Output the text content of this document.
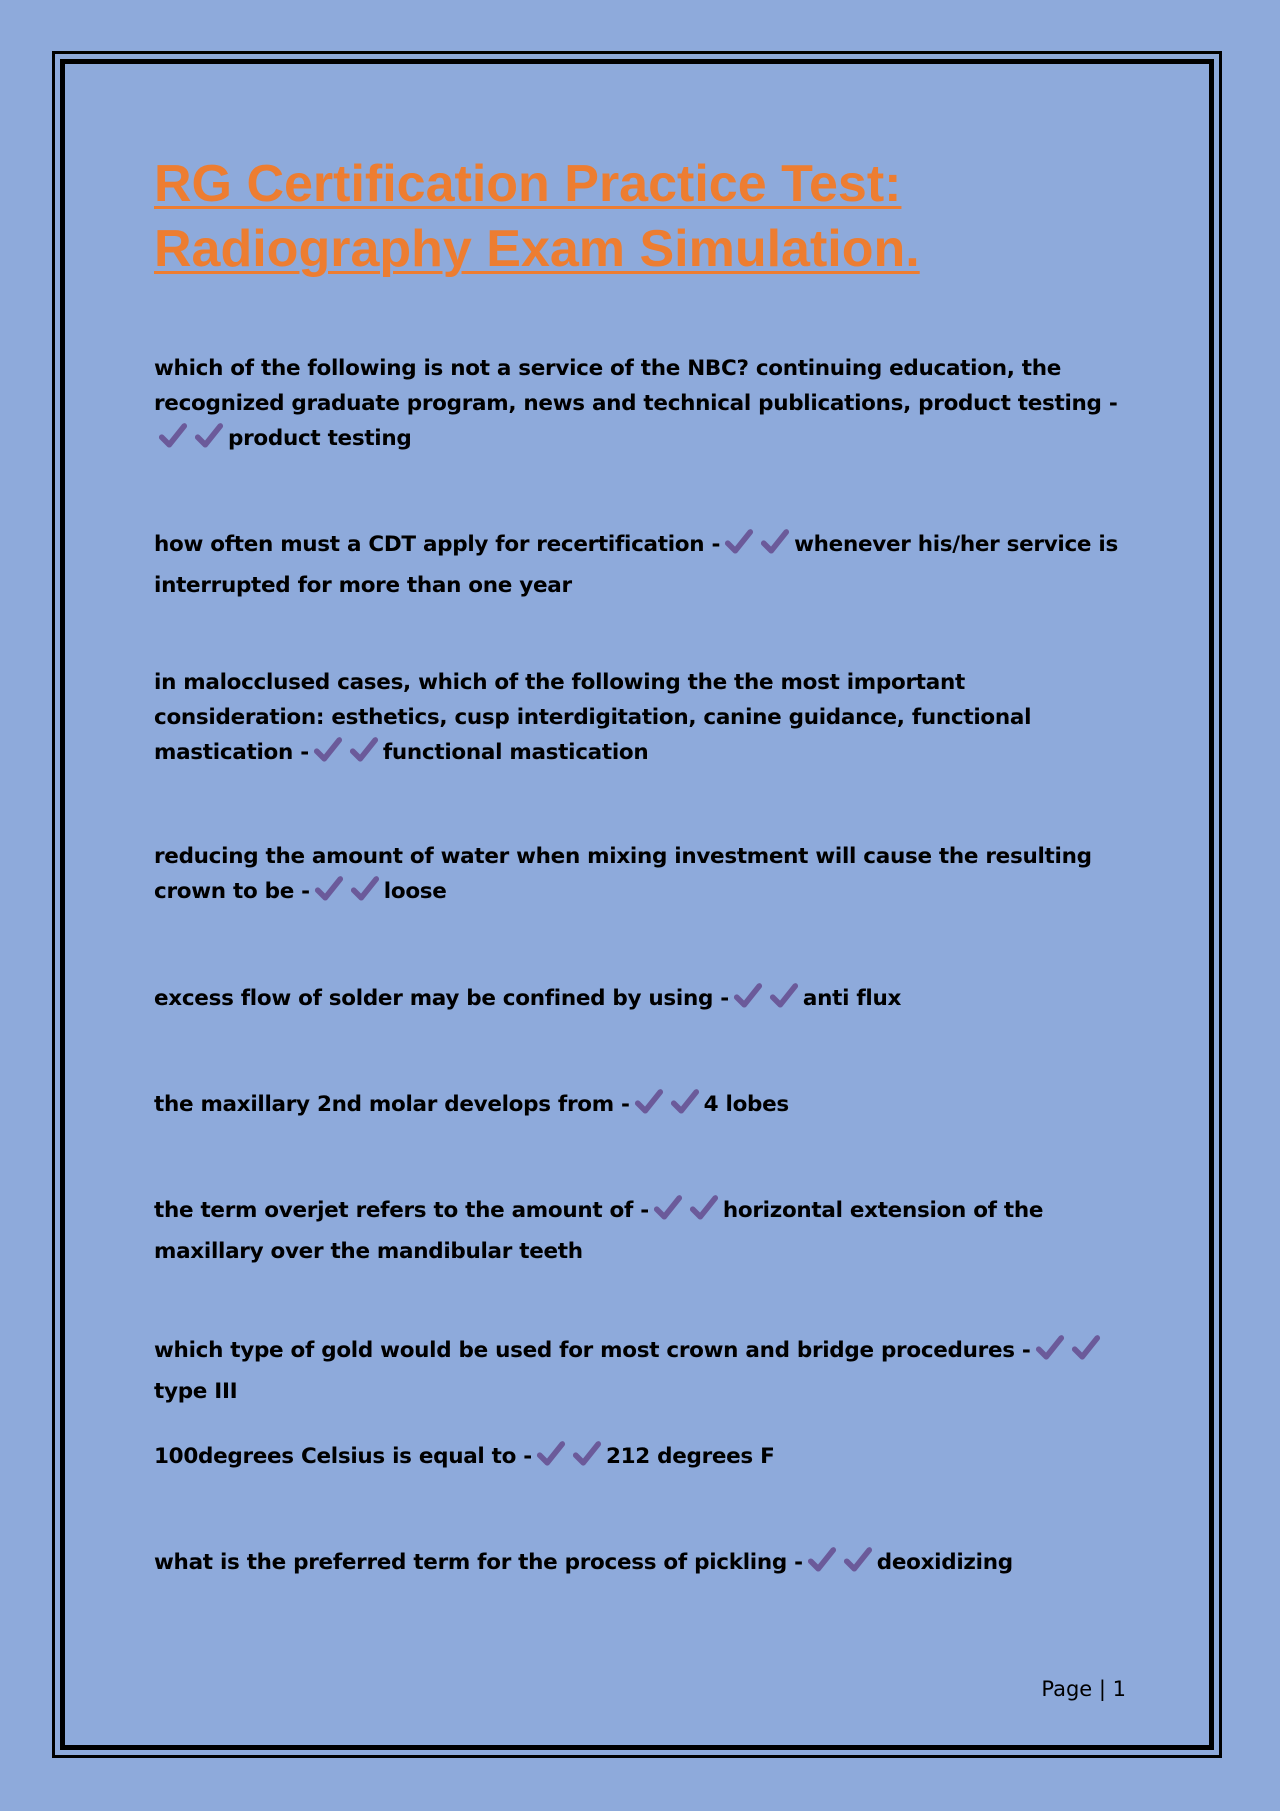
RG Certification Practice Test:
Radiography Exam Simulation.

which of the following is not a service of the NBC? continuing education, the recognized graduate program, news and technical publications, product testing -product testing

how often must a CDT apply for recertification -	whenever his/her service is interrupted for more than one year

in malocclused cases, which of the following the the most important consideration: esthetics, cusp interdigitation, canine guidance, functional mastication -	functional mastication

reducing the amount of water when mixing investment will cause the resulting crown to be -	loose

excess flow of solder may be confined by using -	anti flux

the maxillary 2nd molar develops from -	4 lobes

the term overjet refers to the amount of -	horizontal extension of the maxillary over the mandibular teeth

which type of gold would be used for most crown and bridge procedures -type III

100degrees Celsius is equal to -	212 degrees F

what is the preferred term for the process of pickling -	deoxidizing

Page | 1
